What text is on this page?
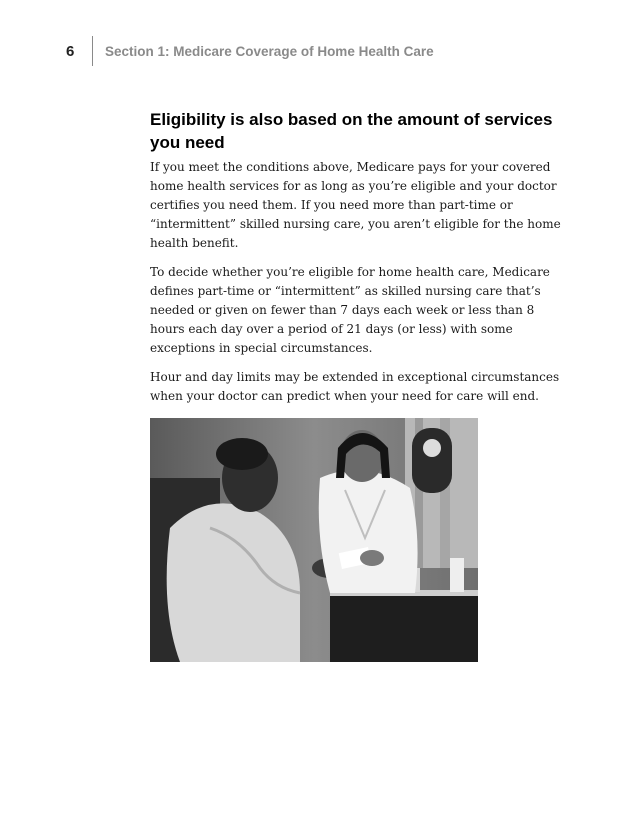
6	Section 1: Medicare Coverage of Home Health Care
Eligibility is also based on the amount of services you need

If you meet the conditions above, Medicare pays for your covered home health services for as long as you’re eligible and your doctor certifies you need them. If you need more than part-time or “intermittent” skilled nursing care, you aren’t eligible for the home health benefit.

To decide whether you’re eligible for home health care, Medicare defines part-time or “intermittent” as skilled nursing care that’s needed or given on fewer than 7 days each week or less than 8 hours each day over a period of 21 days (or less) with some exceptions in special circumstances.

Hour and day limits may be extended in exceptional circumstances when your doctor can predict when your need for care will end.
